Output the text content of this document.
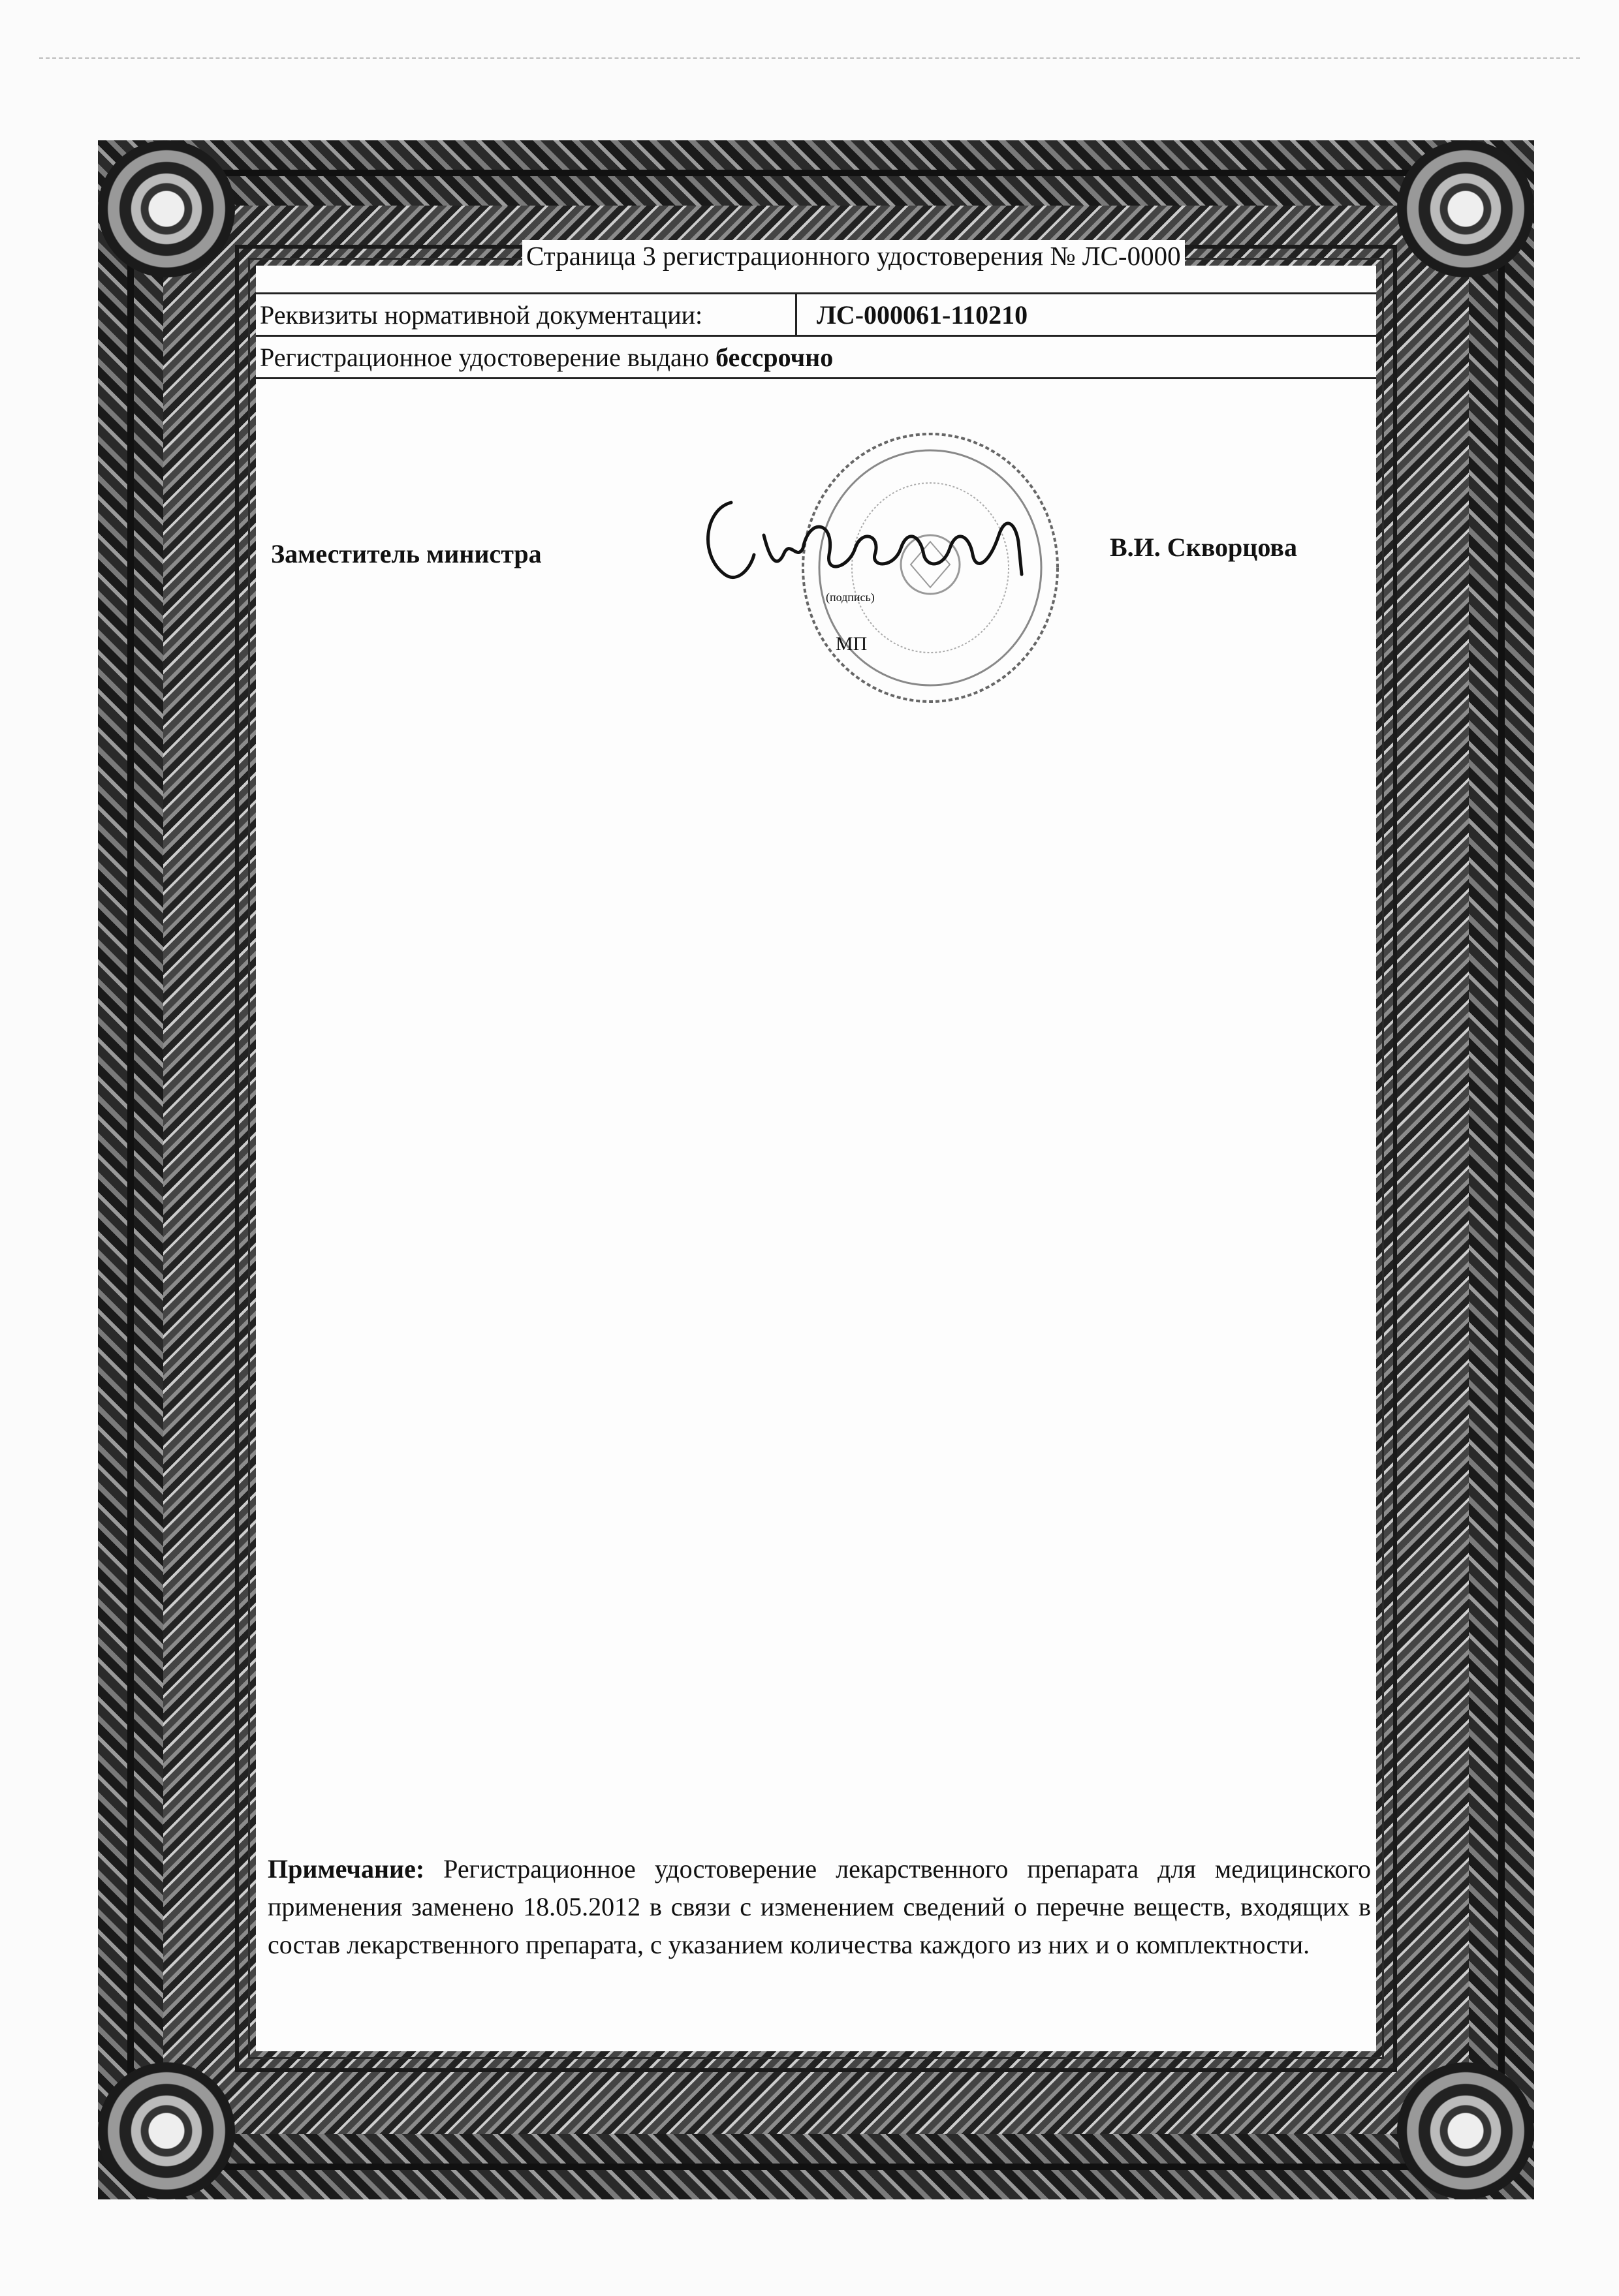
Страница 3 регистрационного удостоверения № ЛС-0000
Реквизиты нормативной документации:	ЛС-000061-110210
Регистрационное удостоверение выдано бессрочно
(подпись)
МП
Заместитель министра	В.И. Скворцова
Примечание: Регистрационное удостоверение лекарственного препарата для медицинского применения заменено 18.05.2012 в связи с изменением сведений о перечне веществ, входящих в состав лекарственного препарата, с указанием количества каждого из них и о комплектности.
